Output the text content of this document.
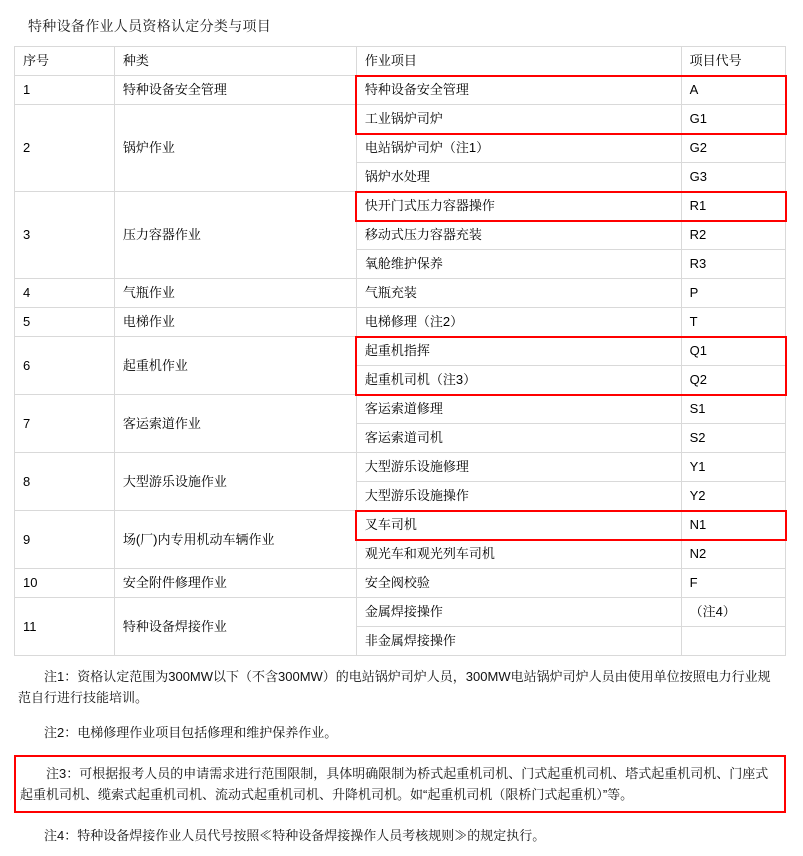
特种设备作业人员资格认定分类与项目
序号	种类	作业项目	项目代号

1	特种设备安全管理	特种设备安全管理	A

2	锅炉作业	工业锅炉司炉	G1

电站锅炉司炉（注1）	G2

锅炉水处理	G3

3	压力容器作业	快开门式压力容器操作	R1

移动式压力容器充装	R2

氧舱维护保养	R3

4	气瓶作业	气瓶充装	P

5	电梯作业	电梯修理（注2）	T

6	起重机作业	起重机指挥	Q1

起重机司机（注3）	Q2

7	客运索道作业	客运索道修理	S1

客运索道司机	S2

8	大型游乐设施作业	大型游乐设施修理	Y1

大型游乐设施操作	Y2

9	场(厂)内专用机动车辆作业	叉车司机	N1

观光车和观光列车司机	N2

10	安全附件修理作业	安全阀校验	F

11	特种设备焊接作业	金属焊接操作	（注4）

非金属焊接操作	

注1：资格认定范围为300MW以下（不含300MW）的电站锅炉司炉人员，300MW电站锅炉司炉人员由使用单位按照电力行业规范自行进行技能培训。
注2：电梯修理作业项目包括修理和维护保养作业。
注3：可根据报考人员的申请需求进行范围限制，具体明确限制为桥式起重机司机、门式起重机司机、塔式起重机司机、门座式起重机司机、缆索式起重机司机、流动式起重机司机、升降机司机。如“起重机司机（限桥门式起重机）”等。
注4：特种设备焊接作业人员代号按照≪特种设备焊接操作人员考核规则≫的规定执行。
